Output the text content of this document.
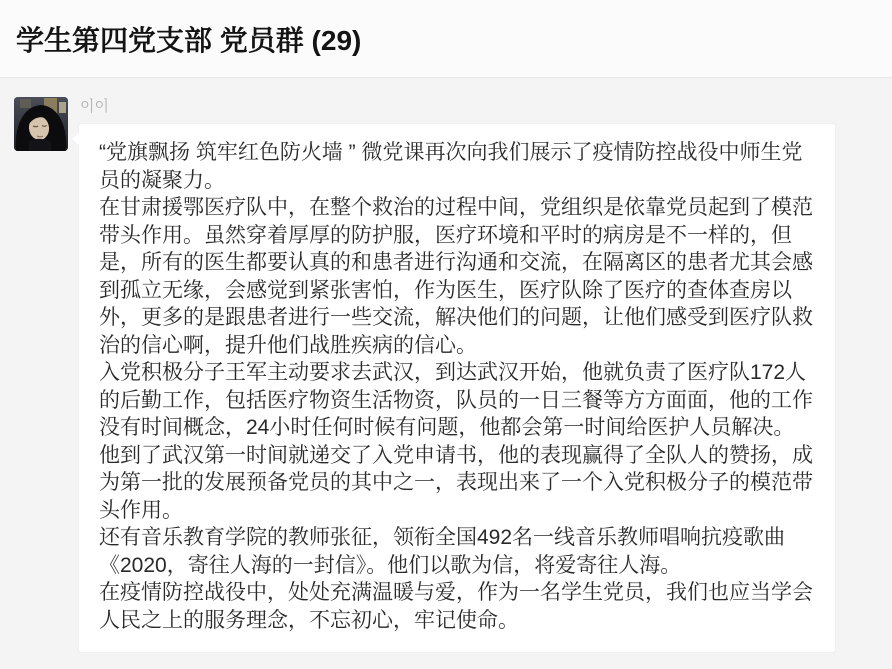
学生第四党支部 党员群 (29)
이이
“党旗飘扬 筑牢红色防火墙 ” 微党课再次向我们展示了疫情防控战役中师生党员的凝聚力。
在甘肃援鄂医疗队中，在整个救治的过程中间，党组织是依靠党员起到了模范带头作用。虽然穿着厚厚的防护服，医疗环境和平时的病房是不一样的，但是，所有的医生都要认真的和患者进行沟通和交流，在隔离区的患者尤其会感到孤立无缘，会感觉到紧张害怕，作为医生，医疗队除了医疗的查体查房以外，更多的是跟患者进行一些交流，解决他们的问题，让他们感受到医疗队救治的信心啊，提升他们战胜疾病的信心。
入党积极分子王军主动要求去武汉，到达武汉开始，他就负责了医疗队172人的后勤工作，包括医疗物资生活物资，队员的一日三餐等方方面面，他的工作没有时间概念，24小时任何时候有问题，他都会第一时间给医护人员解决。他到了武汉第一时间就递交了入党申请书，他的表现赢得了全队人的赞扬，成为第一批的发展预备党员的其中之一，表现出来了一个入党积极分子的模范带头作用。
还有音乐教育学院的教师张征，领衔全国492名一线音乐教师唱响抗疫歌曲《2020，寄往人海的一封信》。他们以歌为信，将爱寄往人海。
在疫情防控战役中，处处充满温暖与爱，作为一名学生党员，我们也应当学会人民之上的服务理念，不忘初心，牢记使命。
